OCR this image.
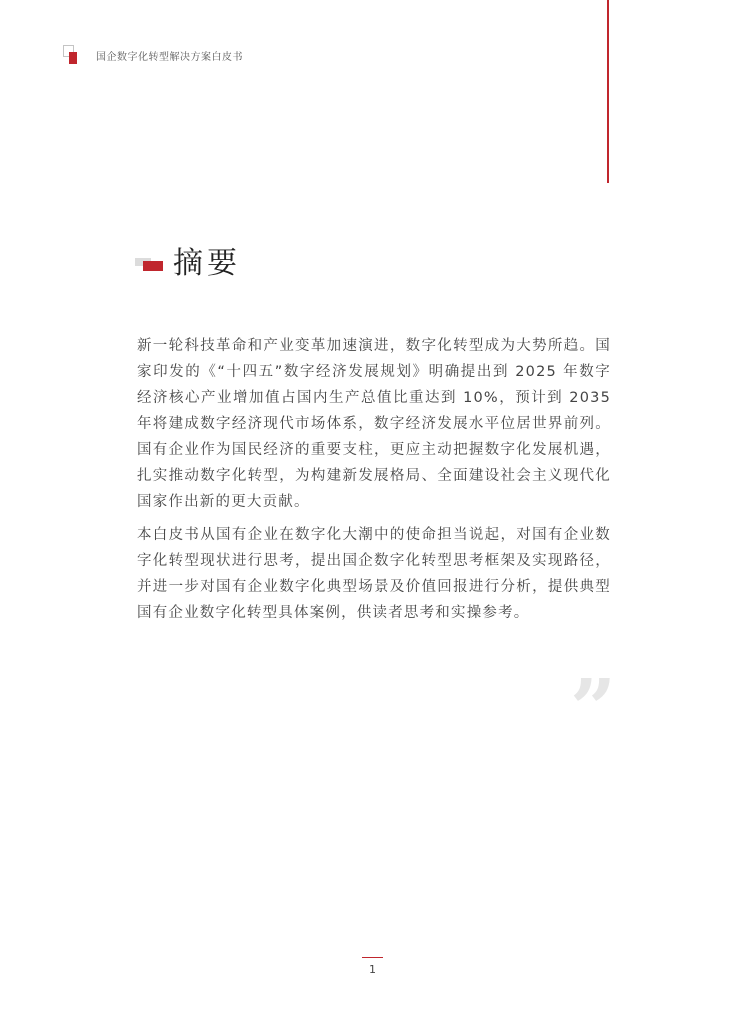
国企数字化转型解决方案白皮书
摘要

新一轮科技革命和产业变革加速演进，数字化转型成为大势所趋。国家印发的《“十四五”数字经济发展规划》明确提出到 2025 年数字经济核心产业增加值占国内生产总值比重达到 10%，预计到 2035 年将建成数字经济现代市场体系，数字经济发展水平位居世界前列。国有企业作为国民经济的重要支柱，更应主动把握数字化发展机遇，扎实推动数字化转型，为构建新发展格局、全面建设社会主义现代化国家作出新的更大贡献。

本白皮书从国有企业在数字化大潮中的使命担当说起，对国有企业数字化转型现状进行思考，提出国企数字化转型思考框架及实现路径，并进一步对国有企业数字化典型场景及价值回报进行分析，提供典型国有企业数字化转型具体案例，供读者思考和实操参考。

”
1
